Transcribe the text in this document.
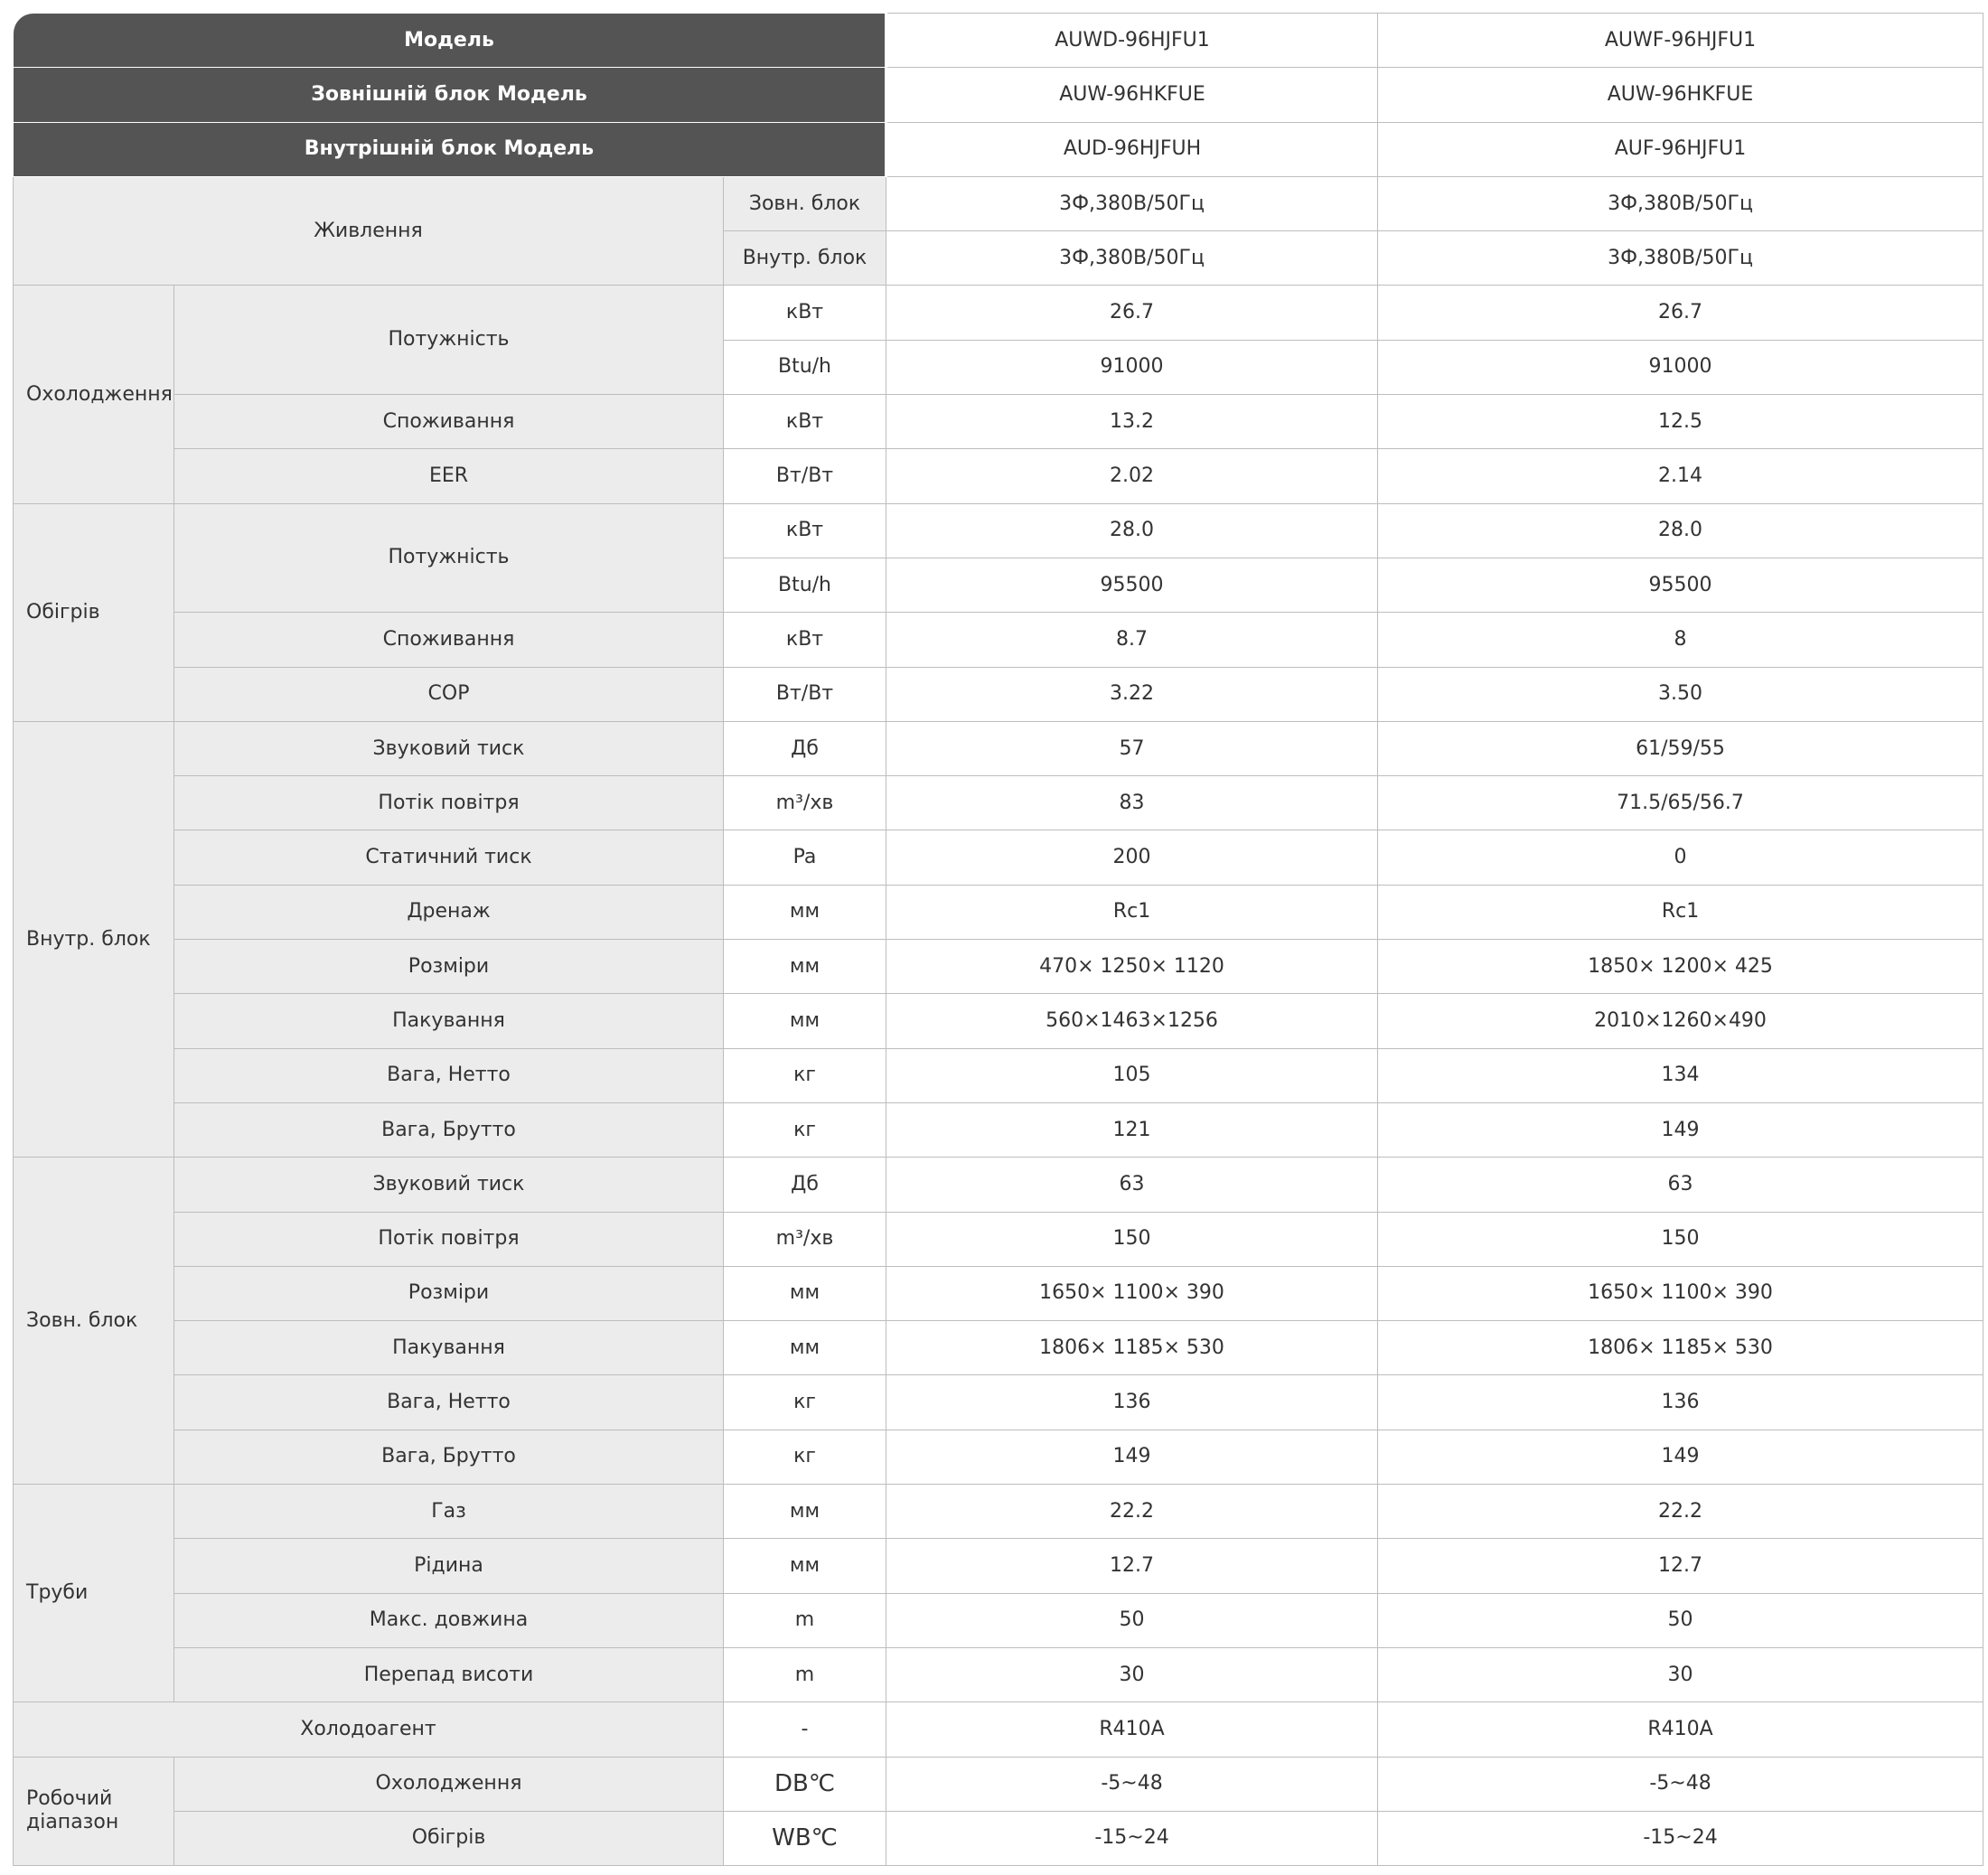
Модель			AUWD-96HJFU1	AUWF-96HJFU1
Зовнішній блок Модель			AUW-96HKFUE	AUW-96HKFUE
Внутрішній блок Модель			AUD-96HJFUH	AUF-96HJFU1
Живлення		Зовн. блок	3Ф,380В/50Гц	3Ф,380В/50Гц
		Внутр. блок	3Ф,380В/50Гц	3Ф,380В/50Гц
Охолодження	Потужність	кВт	26.7	26.7
		Btu/h	91000	91000
	Споживання	кВт	13.2	12.5
	EER	Вт/Вт	2.02	2.14
Обігрів	Потужність	кВт	28.0	28.0
		Btu/h	95500	95500
	Споживання	кВт	8.7	8
	COP	Вт/Вт	3.22	3.50
Внутр. блок	Звуковий тиск	Дб	57	61/59/55
	Потік повітря	m³/хв	83	71.5/65/56.7
	Статичний тиск	Pa	200	0
	Дренаж	мм	Rc1	Rc1
	Розміри	мм	470× 1250× 1120	1850× 1200× 425
	Пакування	мм	560×1463×1256	2010×1260×490
	Вага, Нетто	кг	105	134
	Вага, Брутто	кг	121	149
Зовн. блок	Звуковий тиск	Дб	63	63
	Потік повітря	m³/хв	150	150
	Розміри	мм	1650× 1100× 390	1650× 1100× 390
	Пакування	мм	1806× 1185× 530	1806× 1185× 530
	Вага, Нетто	кг	136	136
	Вага, Брутто	кг	149	149
Труби	Газ	мм	22.2	22.2
	Рідина	мм	12.7	12.7
	Макс. довжина	m	50	50
	Перепад висоти	m	30	30
Холодоагент		-	R410A	R410A
Робочий діапазон	Охолодження	DB℃	-5~48	-5~48
	Обігрів	WB℃	-15~24	-15~24
